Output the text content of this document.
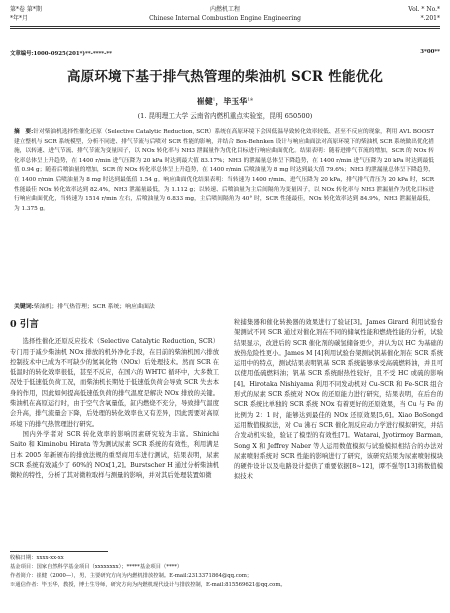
第*卷 第*期	内燃机工程	Vol. * No.*
*年*月	Chinese Internal Combustion Engine Engineering	*.201*
文章编号:1000-0925(201*)**-****-**	3*00**
高原环境下基于排气热管理的柴油机 SCR 性能优化
崔健$^1$，毕玉华$^{1※}$
(1. 昆明理工大学 云南省内燃机重点实验室，昆明 650500)
摘　要:针对柴油机选择性催化还原（Selective Catalytic Reduction, SCR）系统在高原环境下会因低温导致转化效率较低、甚至不反应的现象，利用 AVL BOOST 建立整机与 SCR 系统模型，分析不同进、排气节流与后喷对 SCR 性能的影响，并结合 Box-Behnken 设计与响应曲面法对高原环境下的柴油机 SCR 系统做出优化措施，以转速、进气节流、排气节流为变量因子，以 NOx 转化率与 NH3 泄漏量作为优化目标进行响应曲面优化。结果表明：随着进排气节流的增加，SCR 的 NOx 转化率总体呈上升趋势，在 1400 r/min 进气压降为 20 kPa 时达到最大值 83.17%；NH3 的泄漏量总体呈下降趋势，在 1400 r/min 进气压降为 20 kPa 时达到最低值 0.94 g；随着后喷油量的增加，SCR 的 NOx 转化率总体呈上升趋势，在 1400 r/min 后喷油量为 8 mg 时达到最大值 79.6%；NH3 的泄漏量总体呈下降趋势，在 1400 r/min 后喷油量为 8 mg 时达到最低值 1.54 g。响应曲面优化结果表明：当转速为 1400 r/min、进气压降为 20 kPa，排气排气背压为 20 kPa 时，SCR 性能最佳 NOx 转化效率达到 82.4%，NH3 泄漏量最低，为 1.112 g；以转速、后喷油量为主后间隔角为变量因子，以 NOx 转化率与 NH3 泄漏量作为优化目标进行响应曲面优化，当转速为 1514 r/min 左右，后喷油量为 6.833 mg，主后喷间隔角为 40° 时，SCR 性能最佳，NOx 转化效率达到 84.9%，NH3 泄漏量最低，为 1.375 g。
关键词:柴油机；排气热管理；SCR 系统；响应曲面法
0 引言

选择性催化还原反应技术（Selective Catalytic Reduction, SCR）专门用于减少柴油机 NOx 排放的机外净化手段，在目前的柴油机国六排放控制技术中已成为不可缺少的氮氧化物（NOx）后处理技术。然而 SCR 在低温时的转化效率很低，甚至不反应，在国六的 WHTC 循环中，大多数工况处于低速低负荷工况，而柴油机长期处于低速低负荷会导致 SCR 失去本身的作用，因此如何提高低速低负荷的排气温度是解决 NOx 排放的关键。柴油机在高原运行时，由于空气含氧量低，缸内燃烧不充分，导致排气温度会升高，排气流量会下降，后处理的转化效率也又有差异，因此需要对高原环境下的排气热管理进行研究。

国内外学者对 SCR 转化效率的影响因素研究较为丰富。Shinichi Saito 和 Kiminobu Hirata 等为测试尿素 SCR 系统的有效性，利用满足日本 2005 年新颁布的排放法规的重型商用车进行测试，结果表明，尿素 SCR 系统有效减少了 60%的 NOx[1,2]。Burstscher H 通过分析柴油机微粒的特性，分析了其对微粒取样与测量的影响，并对其后处理装置如微

粒捕集器和催化转换器的效果进行了验证[3]。James Girard 利用试验台架测试不同 SCR 通过对催化剂在不同的储氧性能和燃烧性能的分析，试验结果显示，改进后的 SCR 催化剂的碳氢储备更少，并认为以 HC 为基础的放热危险性更小。James M [4]利用试验台架测试钒基催化剂在 SCR 系统运用中的特点，测试结果表明钒基 SCR 系统能够承受高硫燃料油，并且可以使用低硫燃料油；钒基 SCR 系统耐热性较好，且不受 HC 或硫的影响[4]。Hirotaka Nishiyama 利用不同发动机对 Cu-SCR 和 Fe-SCR 组合形式的尿素 SCR 系统对 NOx 的还原能力进行研究，结果表明，在后台的 SCR 系统比单独的 SCR 系统 NOx 有着更好的还原效果，当 Cu 与 Fe 的比例为 2：1 时，能够达到最佳的 NOx 还原效果[5,6]。Xiao BoSongd 运用数值模拟法，对 Cu 沸石 SCR 催化剂反应动力学进行模拟研究，并结合发动机实验，验证了模型的有效性[7]。Watarai, Jyotirmoy Barman, Song X 和 Jeffrey Naber 等人运用数值模拟与试验模拟相结合的办法对尿素喷射系统对 SCR 性能的影响进行了研究，该研究结果为尿素喷射模块的硬件设计以及电路设计提供了重要依据[8~12]，谭不强等[13]将数值模拟技术

收稿日期：xxxx-xx-xx
基金项目：国家自然科学基金项目（xxxxxxxx）；*****基金项目（****）
作者简介：崔健（2000—），男，主要研究方向为内燃机排放控制。E-mail:2313371864@qq.com；
※通信作者：毕玉华，教授，博士生导师，研究方向为内燃机现代设计与排放控制，E-mail:815569621@qq.com。
